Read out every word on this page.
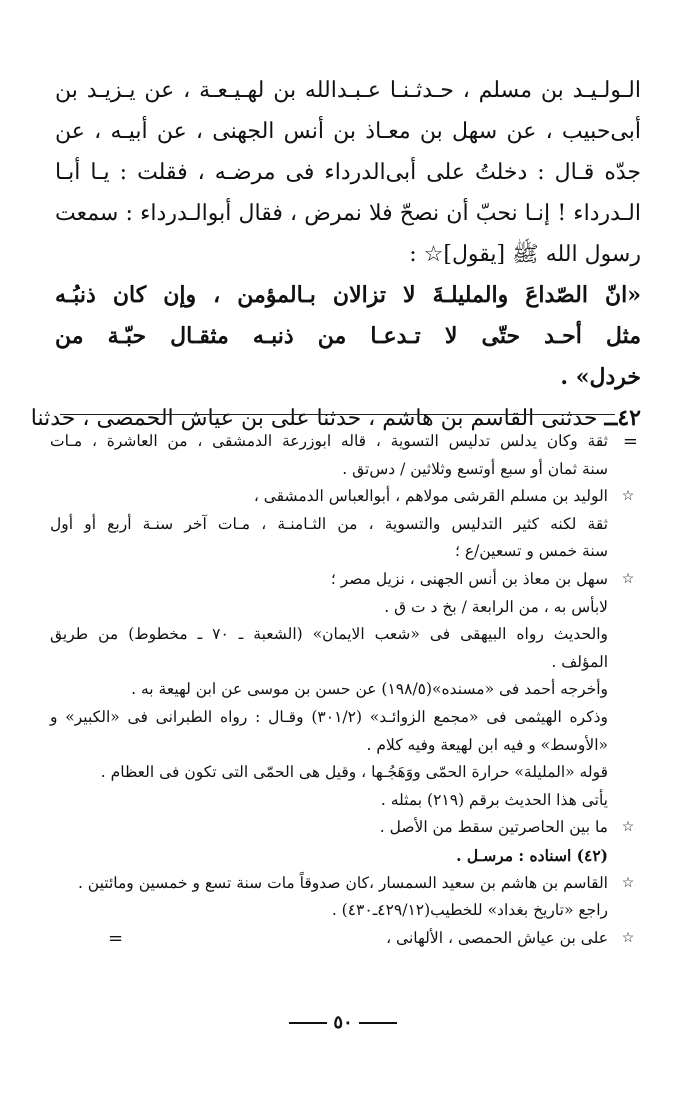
الـولـيـد بن مسلم ، حـدثـنـا عـبـدالله بن لهـيـعـة ، عن يـزيـد بن
أبى‌حبيب ، عن سهل بن معـاذ بن أنس الجهنى ، عن أبيـه ، عن
جدّه قـال : دخلتُ على أبى‌الدرداء فى مرضـه ، فقلت : يـا أبـا
الـدرداء ! إنـا نحبّ أن نصحّ فلا نمرض ، فقال أبوالـدرداء : سمعت
رسول الله ﷺ [يقول]☆ :
«انّ الصّداعَ والمليلـةَ لا تزالان بـالمؤمن ، وإن كان ذنبُـه
مثل أحـد حتّى لا تـدعـا من ذنبـه مثقـال حبّـة من
خردل» .
٤٢ــ حدثنى القاسم بن هاشم ، حدثنا على بن عياش الحمصى ، حدثنا
=
ثقة وكان يدلس تدليس التسوية ، قاله ابوزرعة الدمشقى ، من العاشرة ، مـات
سنة ثمان أو سبع أوتسع وثلاثين / دس‌تق .
☆
الوليد بن مسلم القرشى مولاهم ، أبوالعباس الدمشقى ،
ثقة لكنه كثير التدليس والتسوية ، من الثـامنـة ، مـات آخر سنـة أربع أو أول
سنة خمس و تسعين/ع ؛
☆
سهل بن معاذ بن أنس الجهنى ، نزيل مصر ؛
لابأس به ، من الرابعة / بخ د ت ق .
والحديث رواه البيهقى فى «شعب الايمان» (الشعبة ـ ٧٠ ـ مخطوط) من طريق
المؤلف .
وأخرجه أحمد فى «مسنده»(١٩٨/٥) عن حسن بن موسى عن ابن لهيعة به .
وذكره الهيثمى فى «مجمع الزوائـد» (٣٠١/٢) وقـال : رواه الطبرانى فى «الكبير» و
«الأوسط» و فيه ابن لهيعة وفيه كلام .
قوله «المليلة» حرارة الحمّى ووَهَجُـها ، وقيل هى الحمّى التى تكون فى العظام .
يأتى هذا الحديث برقم (٢١٩) بمثله .
☆
ما بين الحاصرتين سقط من الأصل .
(٤٢) اسناده : مرسـل .
☆
القاسم بن هاشم بن سعيد السمسار ،كان صدوقاً مات سنة تسع و خمسين ومائتين .
راجع «تاريخ بغداد» للخطيب(٤٢٩/١٢ـ٤٣٠) .
☆
على بن عياش الحمصى ، الألهانى ،
=
٥٠
